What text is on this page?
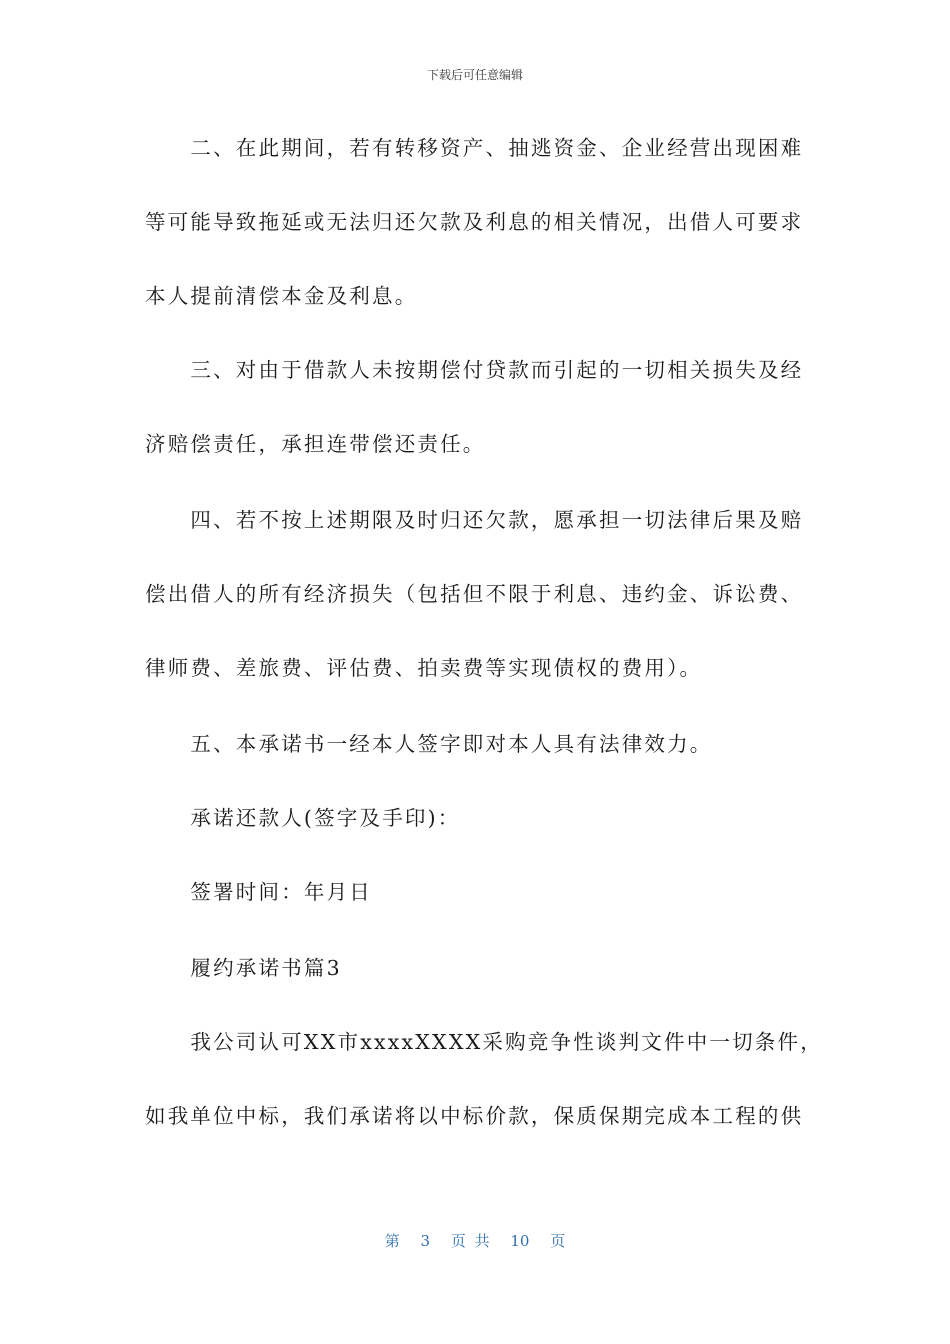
下载后可任意编辑
　　二、在此期间，若有转移资产、抽逃资金、企业经营出现困难
等可能导致拖延或无法归还欠款及利息的相关情况，出借人可要求
本人提前清偿本金及利息。
　　三、对由于借款人未按期偿付贷款而引起的一切相关损失及经
济赔偿责任，承担连带偿还责任。
　　四、若不按上述期限及时归还欠款，愿承担一切法律后果及赔
偿出借人的所有经济损失（包括但不限于利息、违约金、诉讼费、
律师费、差旅费、评估费、拍卖费等实现债权的费用）。
　　五、本承诺书一经本人签字即对本人具有法律效力。
　　承诺还款人(签字及手印)：
　　签署时间：年月日
　　履约承诺书篇3
　　我公司认可XX市xxxxXXXX采购竞争性谈判文件中一切条件，
如我单位中标，我们承诺将以中标价款，保质保期完成本工程的供
第 3 页 共 10 页
